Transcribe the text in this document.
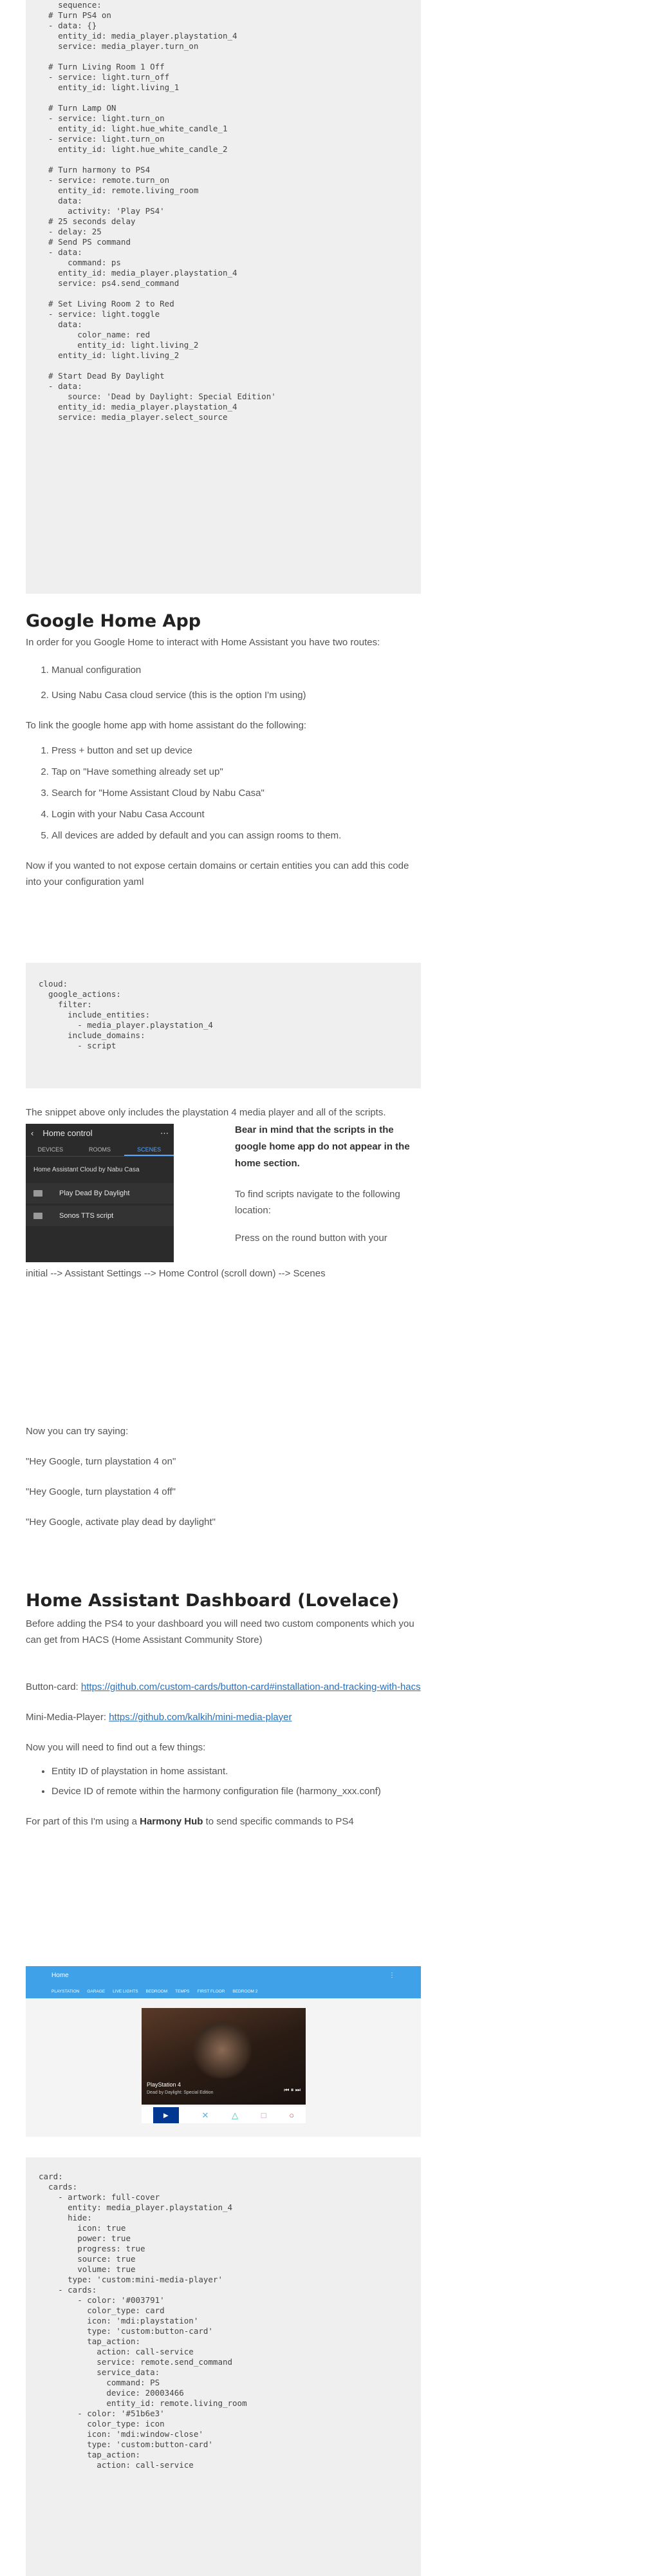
sequence:
# Turn PS4 on
- data: {}
entity_id: media_player.playstation_4
service: media_player.turn_on

# Turn Living Room 1 Off
- service: light.turn_off
entity_id: light.living_1

# Turn Lamp ON
- service: light.turn_on
entity_id: light.hue_white_candle_1
- service: light.turn_on
entity_id: light.hue_white_candle_2

# Turn harmony to PS4
- service: remote.turn_on
entity_id: remote.living_room
data:
activity: 'Play PS4'
# 25 seconds delay
- delay: 25
# Send PS command
- data:
command: ps
entity_id: media_player.playstation_4
service: ps4.send_command

# Set Living Room 2 to Red
- service: light.toggle
data:
color_name: red
entity_id: light.living_2
entity_id: light.living_2

# Start Dead By Daylight
- data:
source: 'Dead by Daylight: Special Edition'
entity_id: media_player.playstation_4
service: media_player.select_source
Google Home App

In order for you Google Home to interact with Home Assistant you have two routes:

1. Manual configuration
2. Using Nabu Casa cloud service (this is the option I'm using)

To link the google home app with home assistant do the following:

1. Press + button and set up device
2. Tap on "Have something already set up"
3. Search for "Home Assistant Cloud by Nabu Casa"
4. Login with your Nabu Casa Account
5. All devices are added by default and you can assign rooms to them.

Now if you wanted to not expose certain domains or certain entities you can add this code into your configuration yaml

cloud:
google_actions:
filter:
include_entities:
- media_player.playstation_4
include_domains:
- script

The snippet above only includes the playstation 4 media player and all of the scripts.

‹ Home control	⋯
DEVICES	ROOMS	SCENES
Home Assistant Cloud by Nabu Casa
Play Dead By Daylight
Sonos TTS script

Bear in mind that the scripts in the google home app do not appear in the home section.

To find scripts navigate to the following location:

Press on the round button with your

initial --> Assistant Settings --> Home Control (scroll down) --> Scenes

Now you can try saying:

"Hey Google, turn playstation 4 on"

"Hey Google, turn playstation 4 off"

"Hey Google, activate play dead by daylight"

Home Assistant Dashboard (Lovelace)

Before adding the PS4 to your dashboard you will need two custom components which you can get from HACS (Home Assistant Community Store)

Button-card: https://github.com/custom-cards/button-card#installation-and-tracking-with-hacs

Mini-Media-Player: https://github.com/kalkih/mini-media-player

Now you will need to find out a few things:

• Entity ID of playstation in home assistant.
• Device ID of remote within the harmony configuration file (harmony_xxx.conf)

For part of this I'm using a Harmony Hub to send specific commands to PS4

Home	⋮
PLAYSTATION GARAGE LIVE LIGHTS BEDROOM TEMPS FIRST FLOOR BEDROOM 2
PlayStation 4
Dead by Daylight: Special Edition	⏮ ⏸ ⏭
►	✕	△	□	○
card:
cards:
- artwork: full-cover
entity: media_player.playstation_4
hide:
icon: true
power: true
progress: true
source: true
volume: true
type: 'custom:mini-media-player'
- cards:
- color: '#003791'
color_type: card
icon: 'mdi:playstation'
type: 'custom:button-card'
tap_action:
action: call-service
service: remote.send_command
service_data:
command: PS
device: 20003466
entity_id: remote.living_room
- color: '#51b6e3'
color_type: icon
icon: 'mdi:window-close'
type: 'custom:button-card'
tap_action:
action: call-service
